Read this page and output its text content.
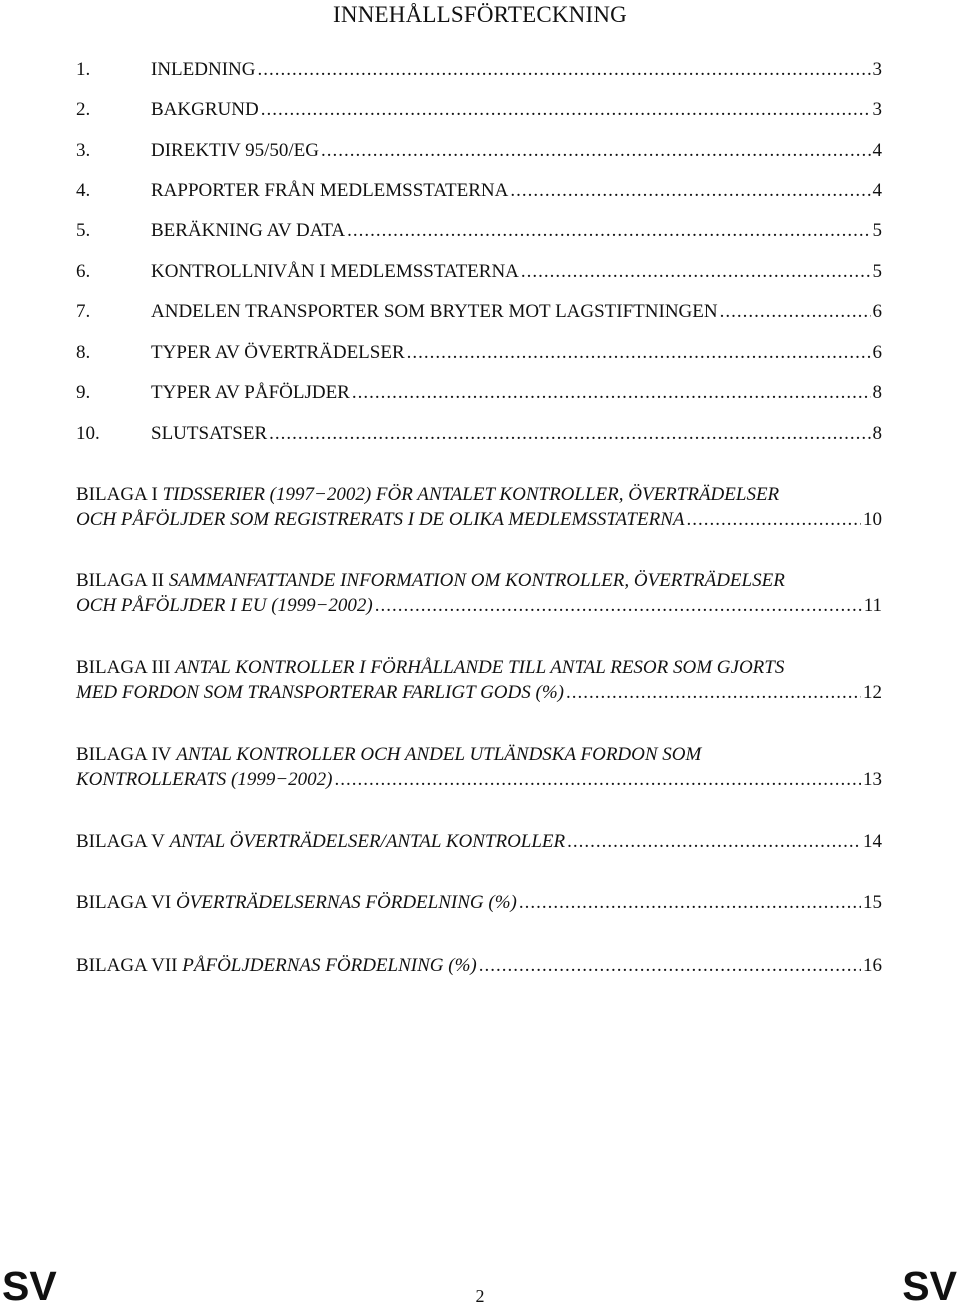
INNEHÅLLSFÖRTECKNING
1.	INLEDNING .....	3
2.	BAKGRUND .....	3
3.	DIREKTIV 95/50/EG .....	4
4.	RAPPORTER FRÅN MEDLEMSSTATERNA .....	4
5.	BERÄKNING AV DATA .....	5
6.	KONTROLLNIVÅN I MEDLEMSSTATERNA .....	5
7.	ANDELEN TRANSPORTER SOM BRYTER MOT LAGSTIFTNINGEN .....	6
8.	TYPER AV ÖVERTRÄDELSER .....	6
9.	TYPER AV PÅFÖLJDER .....	8
10.	SLUTSATSER .....	8
BILAGA I
TIDSSERIER (1997−2002) FÖR ANTALET KONTROLLER, ÖVERTRÄDELSER
OCH PÅFÖLJDER SOM REGISTRERATS I DE OLIKA MEDLEMSSTATERNA .....	10
BILAGA II
SAMMANFATTANDE INFORMATION OM KONTROLLER, ÖVERTRÄDELSER
OCH PÅFÖLJDER I EU (1999−2002) .....	11
BILAGA III
ANTAL KONTROLLER I FÖRHÅLLANDE TILL ANTAL RESOR SOM GJORTS
MED FORDON SOM TRANSPORTERAR FARLIGT GODS (%) .....	12
BILAGA IV
ANTAL KONTROLLER OCH ANDEL UTLÄNDSKA FORDON SOM
KONTROLLERATS (1999−2002) .....	13
BILAGA V
ANTAL ÖVERTRÄDELSER/ANTAL KONTROLLER .....	14
BILAGA VI
ÖVERTRÄDELSERNAS FÖRDELNING (%) .....	15
BILAGA VII
PÅFÖLJDERNAS FÖRDELNING (%) .....	16
SV	2	SV
